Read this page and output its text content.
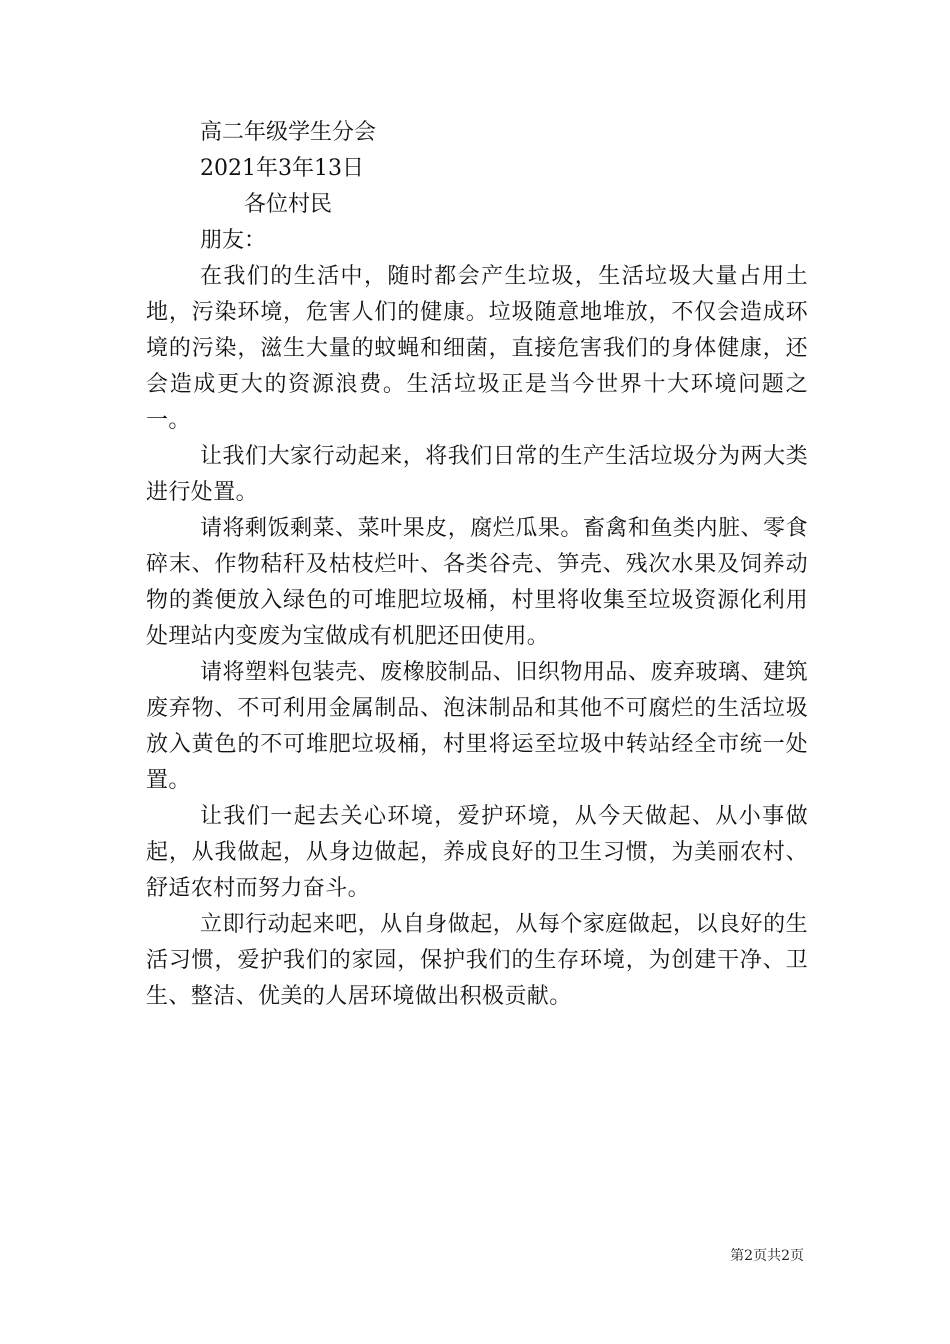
高二年级学生分会

2021年3年13日

各位村民

朋友：

在我们的生活中，随时都会产生垃圾，生活垃圾大量占用土地，污染环境，危害人们的健康。垃圾随意地堆放，不仅会造成环境的污染，滋生大量的蚊蝇和细菌，直接危害我们的身体健康，还会造成更大的资源浪费。生活垃圾正是当今世界十大环境问题之一。

让我们大家行动起来，将我们日常的生产生活垃圾分为两大类进行处置。

请将剩饭剩菜、菜叶果皮，腐烂瓜果。畜禽和鱼类内脏、零食碎末、作物秸秆及枯枝烂叶、各类谷壳、笋壳、残次水果及饲养动物的粪便放入绿色的可堆肥垃圾桶，村里将收集至垃圾资源化利用处理站内变废为宝做成有机肥还田使用。

请将塑料包装壳、废橡胶制品、旧织物用品、废弃玻璃、建筑废弃物、不可利用金属制品、泡沫制品和其他不可腐烂的生活垃圾放入黄色的不可堆肥垃圾桶，村里将运至垃圾中转站经全市统一处置。

让我们一起去关心环境，爱护环境，从今天做起、从小事做起，从我做起，从身边做起，养成良好的卫生习惯，为美丽农村、舒适农村而努力奋斗。

立即行动起来吧，从自身做起，从每个家庭做起，以良好的生活习惯，爱护我们的家园，保护我们的生存环境，为创建干净、卫生、整洁、优美的人居环境做出积极贡献。

第2页共2页
